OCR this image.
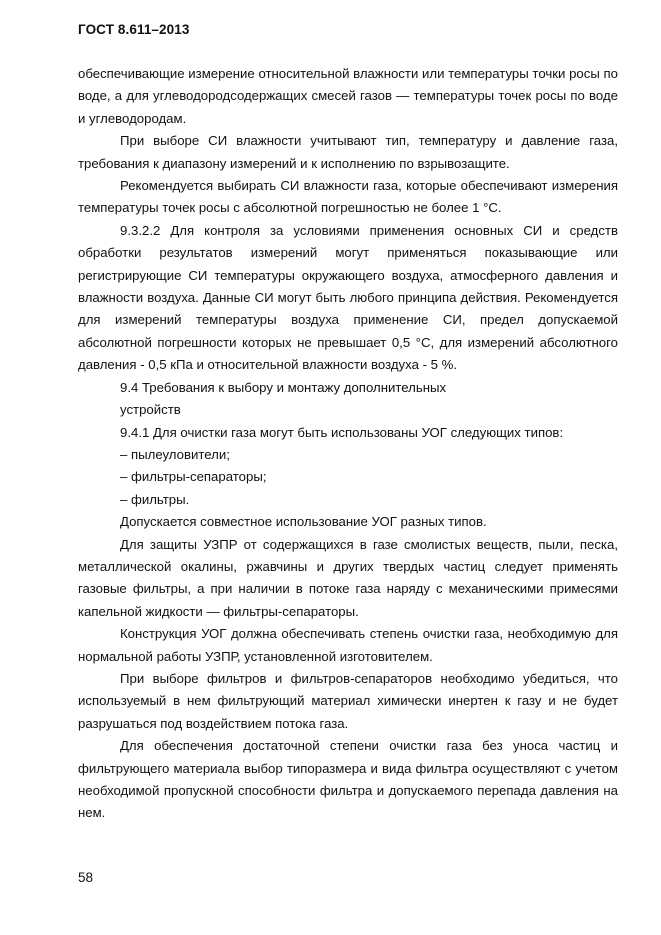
ГОСТ 8.611–2013

обеспечивающие измерение относительной влажности или температуры точки росы по воде, а для углеводородсодержащих смесей газов — температуры точек росы по воде и углеводородам.

При выборе СИ влажности учитывают тип, температуру и давление газа, требования к диапазону измерений и к исполнению по взрывозащите.

Рекомендуется выбирать СИ влажности газа, которые обеспечивают измерения температуры точек росы с абсолютной погрешностью не более 1 °С.

9.3.2.2 Для контроля за условиями применения основных СИ и средств обработки результатов измерений могут применяться показывающие или регистрирующие СИ температуры окружающего воздуха, атмосферного давления и влажности воздуха. Данные СИ могут быть любого принципа действия. Рекомендуется для измерений температуры воздуха применение СИ, предел допускаемой абсолютной погрешности которых не превышает 0,5 °С, для измерений абсолютного давления - 0,5 кПа и относительной влажности воздуха - 5 %.

9.4 Требования к выбору и монтажу дополнительных

устройств

9.4.1 Для очистки газа могут быть использованы УОГ следующих типов:

– пылеуловители;

– фильтры-сепараторы;

– фильтры.

Допускается совместное использование УОГ разных типов.

Для защиты УЗПР от содержащихся в газе смолистых веществ, пыли, песка, металлической окалины, ржавчины и других твердых частиц следует применять газовые фильтры, а при наличии в потоке газа наряду с механическими примесями капельной жидкости — фильтры-сепараторы.

Конструкция УОГ должна обеспечивать степень очистки газа, необходимую для нормальной работы УЗПР, установленной изготовителем.

При выборе фильтров и фильтров-сепараторов необходимо убедиться, что используемый в нем фильтрующий материал химически инертен к газу и не будет разрушаться под воздействием потока газа.

Для обеспечения достаточной степени очистки газа без уноса частиц и фильтрующего материала выбор типоразмера и вида фильтра осуществляют с учетом необходимой пропускной способности фильтра и допускаемого перепада давления на нем.

58
